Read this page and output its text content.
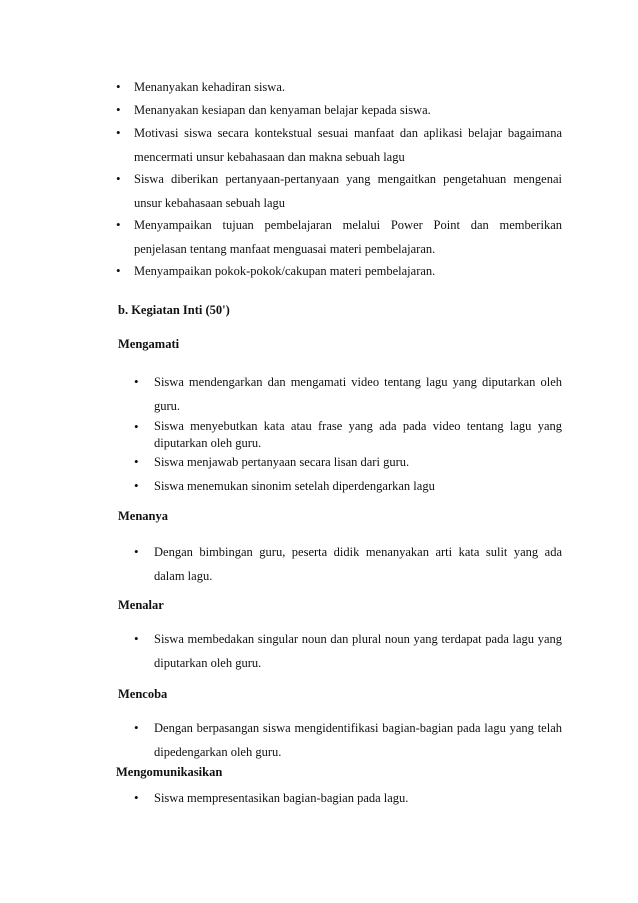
• Menanyakan kehadiran siswa.

• Menanyakan kesiapan dan kenyaman belajar kepada siswa.

• Motivasi siswa secara kontekstual sesuai manfaat dan aplikasi belajar bagaimana mencermati unsur kebahasaan dan makna sebuah lagu

• Siswa diberikan pertanyaan-pertanyaan yang mengaitkan pengetahuan mengenai unsur kebahasaan sebuah lagu

• Menyampaikan tujuan pembelajaran melalui Power Point dan memberikan penjelasan tentang manfaat menguasai materi pembelajaran.

• Menyampaikan pokok-pokok/cakupan materi pembelajaran.

b. Kegiatan Inti (50')

Mengamati

• Siswa mendengarkan dan mengamati video tentang lagu yang diputarkan oleh guru.

• Siswa menyebutkan kata atau frase yang ada pada video tentang lagu yang diputarkan oleh guru.

• Siswa menjawab pertanyaan secara lisan dari guru.

• Siswa menemukan sinonim setelah diperdengarkan lagu

Menanya

• Dengan bimbingan guru, peserta didik menanyakan arti kata sulit yang ada dalam lagu.

Menalar

• Siswa membedakan singular noun dan plural noun yang terdapat pada lagu yang diputarkan oleh guru.

Mencoba

• Dengan berpasangan siswa mengidentifikasi bagian-bagian pada lagu yang telah dipedengarkan oleh guru.

Mengomunikasikan

• Siswa mempresentasikan bagian-bagian pada lagu.
